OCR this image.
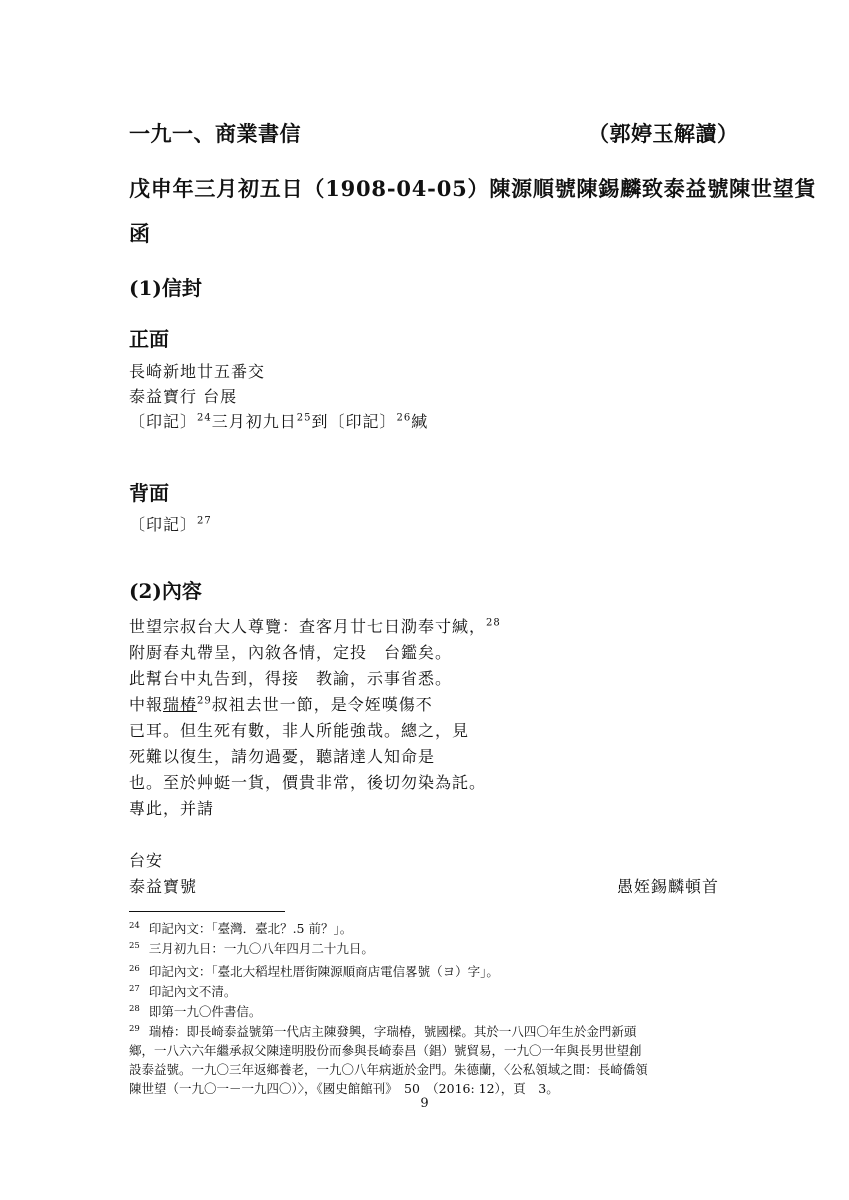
一九一、商業書信	（郭婷玉解讀）
戊申年三月初五日（1908-04-05）陳源順號陳錫麟致泰益號陳世望貨
函
(1)信封
正面
長崎新地廿五番交
泰益寶行 台展
〔印記〕$^{24}$三月初九日$^{25}$到〔印記〕$^{26}$緘
背面
〔印記〕$^{27}$
(2)內容
世望宗叔台大人尊覽：查客月廿七日泐奉寸緘，$^{28}$
附㕑春丸帶呈，內敘各情，定投　台鑑矣。
此幫台中丸告到，得接　教諭，示事省悉。
中報瑞椿$^{29}$叔祖去世一節，是令姪嘆傷不
已耳。但生死有數，非人所能強哉。總之，見
死難以復生，請勿過憂，聽諸達人知命是
也。至於艸蜓一貨，價貴非常，後切勿染為託。
專此，并請
台安
泰益寶號	愚姪錫麟頓首
$^{24}$ 印記內文：「臺灣．臺北？.5 前？」。
$^{25}$ 三月初九日：一九〇八年四月二十九日。
$^{26}$ 印記內文：「臺北大稻埕杜厝街陳源順商店電信畧號（ヨ）字」。
$^{27}$ 印記內文不清。
$^{28}$ 即第一九〇件書信。
$^{29}$ 瑞椿：即長崎泰益號第一代店主陳發興，字瑞椿，號國樑。其於一八四〇年生於金門新頭
鄉，一八六六年繼承叔父陳達明股份而參與長崎泰昌（錩）號貿易，一九〇一年與長男世望創
設泰益號。一九〇三年返鄉養老，一九〇八年病逝於金門。朱德蘭，〈公私領域之間：長崎僑領
陳世望（一九〇一－一九四〇）〉，《國史館館刊》　50　（2016: 12），頁　3。
9
